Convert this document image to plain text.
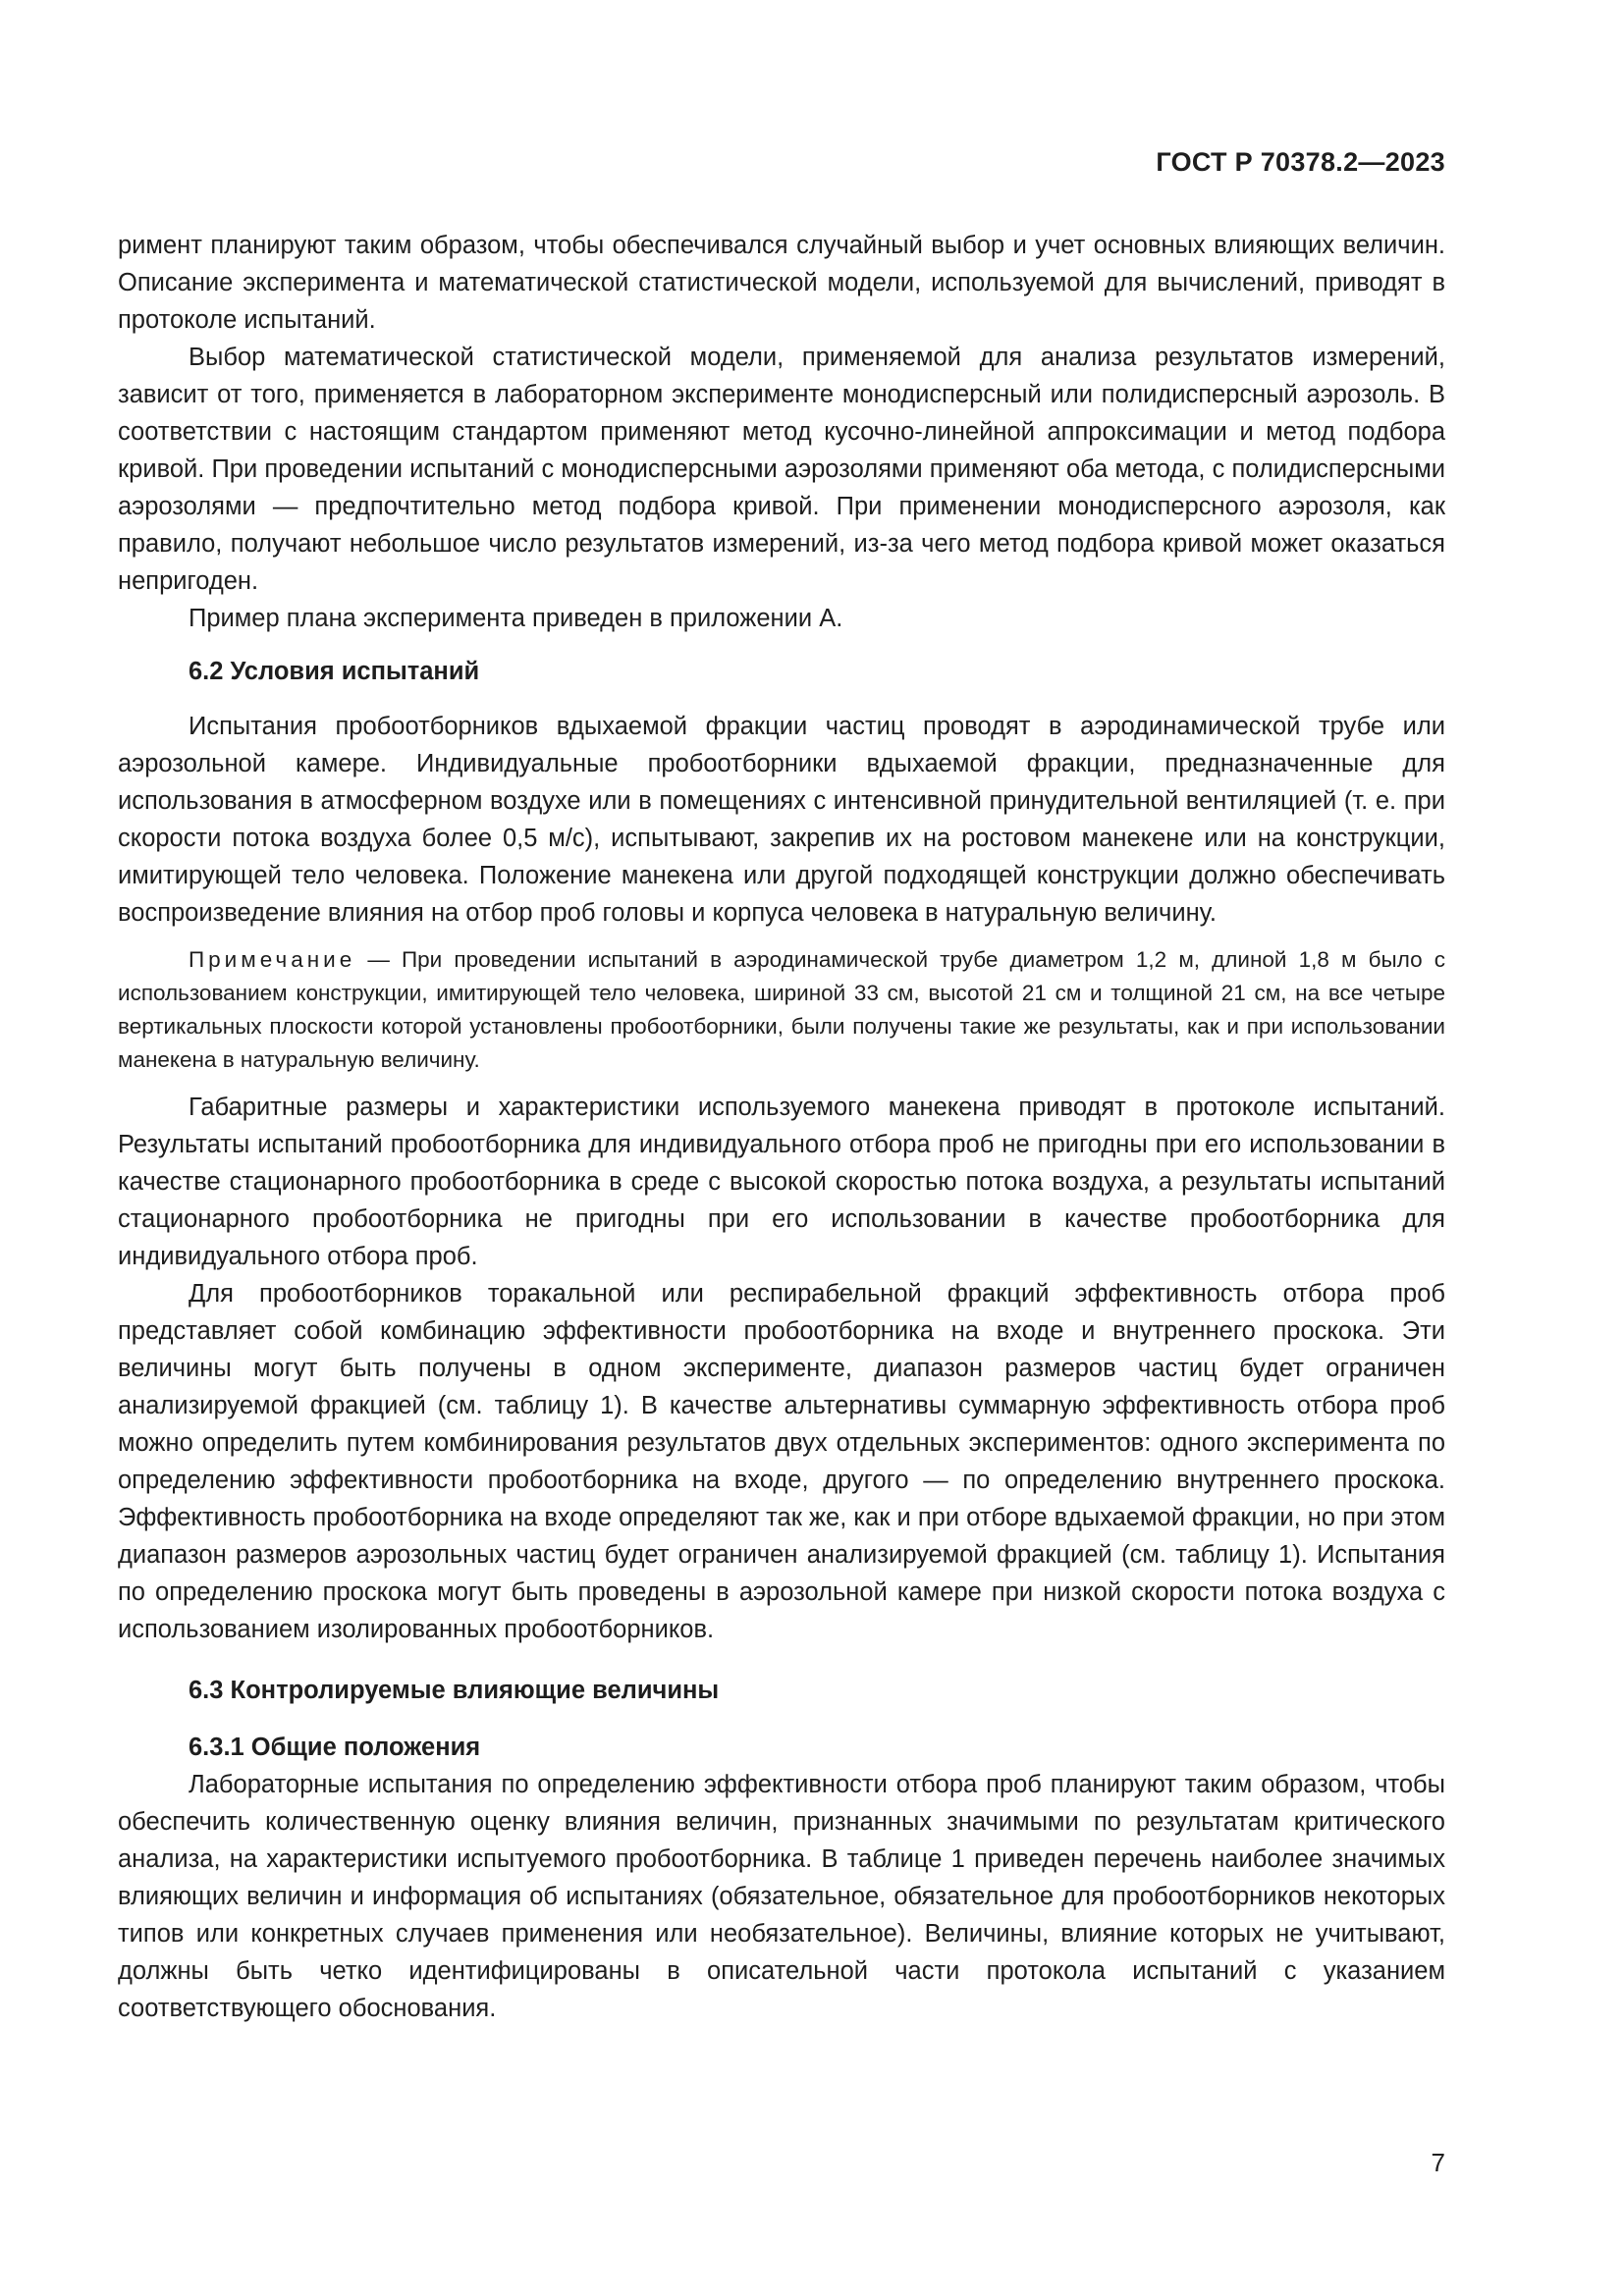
ГОСТ Р 70378.2—2023

римент планируют таким образом, чтобы обеспечивался случайный выбор и учет основных влияющих величин. Описание эксперимента и математической статистической модели, используемой для вычислений, приводят в протоколе испытаний.

Выбор математической статистической модели, применяемой для анализа результатов измерений, зависит от того, применяется в лабораторном эксперименте монодисперсный или полидисперсный аэрозоль. В соответствии с настоящим стандартом применяют метод кусочно-линейной аппроксимации и метод подбора кривой. При проведении испытаний с монодисперсными аэрозолями применяют оба метода, с полидисперсными аэрозолями — предпочтительно метод подбора кривой. При применении монодисперсного аэрозоля, как правило, получают небольшое число результатов измерений, из-за чего метод подбора кривой может оказаться непригоден.

Пример плана эксперимента приведен в приложении А.

6.2 Условия испытаний

Испытания пробоотборников вдыхаемой фракции частиц проводят в аэродинамической трубе или аэрозольной камере. Индивидуальные пробоотборники вдыхаемой фракции, предназначенные для использования в атмосферном воздухе или в помещениях с интенсивной принудительной вентиляцией (т. е. при скорости потока воздуха более 0,5 м/с), испытывают, закрепив их на ростовом манекене или на конструкции, имитирующей тело человека. Положение манекена или другой подходящей конструкции должно обеспечивать воспроизведение влияния на отбор проб головы и корпуса человека в натуральную величину.

Примечание — При проведении испытаний в аэродинамической трубе диаметром 1,2 м, длиной 1,8 м было с использованием конструкции, имитирующей тело человека, шириной 33 см, высотой 21 см и толщиной 21 см, на все четыре вертикальных плоскости которой установлены пробоотборники, были получены такие же результаты, как и при использовании манекена в натуральную величину.

Габаритные размеры и характеристики используемого манекена приводят в протоколе испытаний. Результаты испытаний пробоотборника для индивидуального отбора проб не пригодны при его использовании в качестве стационарного пробоотборника в среде с высокой скоростью потока воздуха, а результаты испытаний стационарного пробоотборника не пригодны при его использовании в качестве пробоотборника для индивидуального отбора проб.

Для пробоотборников торакальной или респирабельной фракций эффективность отбора проб представляет собой комбинацию эффективности пробоотборника на входе и внутреннего проскока. Эти величины могут быть получены в одном эксперименте, диапазон размеров частиц будет ограничен анализируемой фракцией (см. таблицу 1). В качестве альтернативы суммарную эффективность отбора проб можно определить путем комбинирования результатов двух отдельных экспериментов: одного эксперимента по определению эффективности пробоотборника на входе, другого — по определению внутреннего проскока. Эффективность пробоотборника на входе определяют так же, как и при отборе вдыхаемой фракции, но при этом диапазон размеров аэрозольных частиц будет ограничен анализируемой фракцией (см. таблицу 1). Испытания по определению проскока могут быть проведены в аэрозольной камере при низкой скорости потока воздуха с использованием изолированных пробоотборников.

6.3 Контролируемые влияющие величины
6.3.1 Общие положения

Лабораторные испытания по определению эффективности отбора проб планируют таким образом, чтобы обеспечить количественную оценку влияния величин, признанных значимыми по результатам критического анализа, на характеристики испытуемого пробоотборника. В таблице 1 приведен перечень наиболее значимых влияющих величин и информация об испытаниях (обязательное, обязательное для пробоотборников некоторых типов или конкретных случаев применения или необязательное). Величины, влияние которых не учитывают, должны быть четко идентифицированы в описательной части протокола испытаний с указанием соответствующего обоснования.

7
